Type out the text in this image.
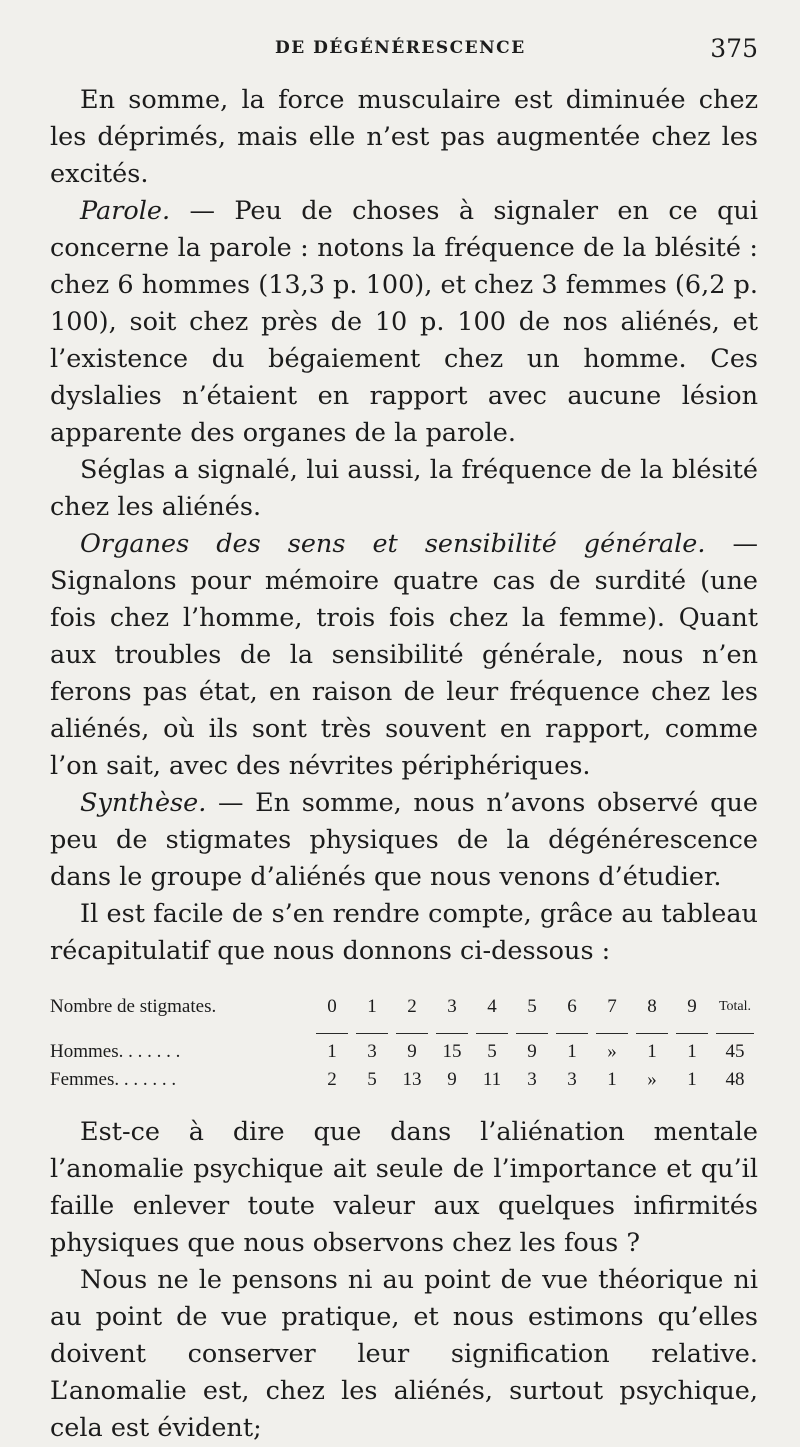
DE DÉGÉNÉRESCENCE	375

En somme, la force musculaire est diminuée chez les déprimés, mais elle n’est pas augmentée chez les excités.

Parole. — Peu de choses à signaler en ce qui concerne la parole : notons la fréquence de la blésité : chez 6 hommes (13,3 p. 100), et chez 3 femmes (6,2 p. 100), soit chez près de 10 p. 100 de nos aliénés, et l’existence du bégaiement chez un homme. Ces dyslalies n’étaient en rapport avec aucune lésion apparente des organes de la parole.

Séglas a signalé, lui aussi, la fréquence de la blésité chez les aliénés.

Organes des sens et sensibilité générale. — Signalons pour mémoire quatre cas de surdité (une fois chez l’homme, trois fois chez la femme). Quant aux troubles de la sensibilité générale, nous n’en ferons pas état, en raison de leur fréquence chez les aliénés, où ils sont très souvent en rapport, comme l’on sait, avec des névrites périphériques.

Synthèse. — En somme, nous n’avons observé que peu de stigmates physiques de la dégénérescence dans le groupe d’aliénés que nous venons d’étudier.

Il est facile de s’en rendre compte, grâce au tableau récapitulatif que nous donnons ci-dessous :

Nombre de stigmates.	0	1	2	3	4	5	6	7	8	9	Total.

Hommes. . . . . . .	1	3	9	15	5	9	1	»	1	1	45
Femmes. . . . . . .	2	5	13	9	11	3	3	1	»	1	48

Est-ce à dire que dans l’aliénation mentale l’anomalie psychique ait seule de l’importance et qu’il faille enlever toute valeur aux quelques infirmités physiques que nous observons chez les fous ?

Nous ne le pensons ni au point de vue théorique ni au point de vue pratique, et nous estimons qu’elles doivent conserver leur signification relative. L’anomalie est, chez les aliénés, surtout psychique, cela est évident;
